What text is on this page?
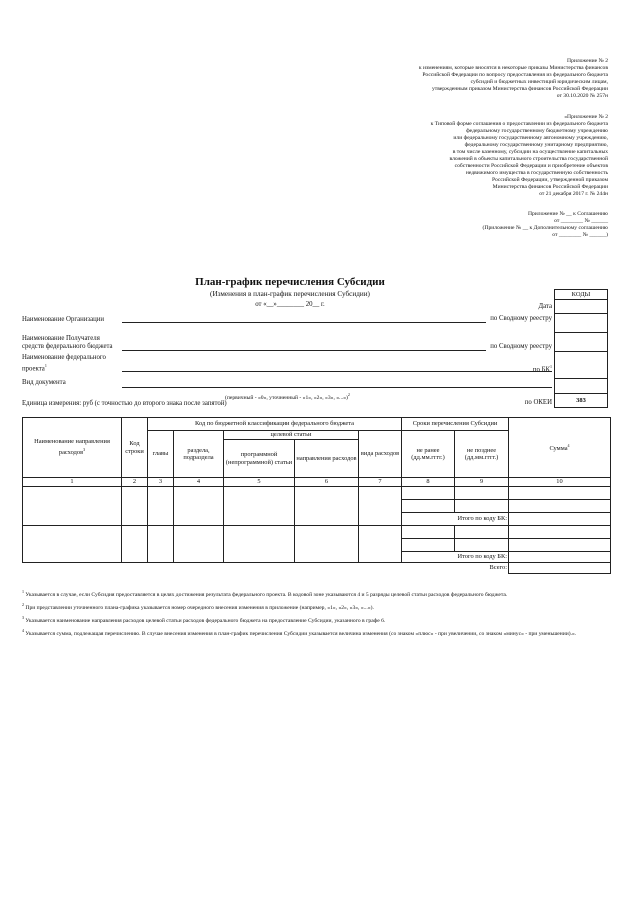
Приложение № 2
к изменениям, которые вносятся в некоторые приказы Министерства финансов
Российской Федерации по вопросу предоставления из федерального бюджета
субсидий и бюджетных инвестиций юридическим лицам,
утвержденным приказом Министерства финансов Российской Федерации
от 30.10.2020 № 257н
«Приложение № 2
к Типовой форме соглашения о предоставлении из федерального бюджета
федеральному государственному бюджетному учреждению
или федеральному государственному автономному учреждению,
федеральному государственному унитарному предприятию,
в том числе казенному, субсидии на осуществление капитальных
вложений в объекты капитального строительства государственной
собственности Российской Федерации и приобретение объектов
недвижимого имущества в государственную собственность
Российской Федерации, утвержденной приказом
Министерства финансов Российской Федерации
от 21 декабря 2017 г. № 244н
Приложение № __ к Соглашению
от ________ № ______
(Приложение № __ к Дополнительному соглашению
от ________ № ______)
План-график перечисления Субсидии
(Изменения в план-график перечисления Субсидии)
от «__»________ 20__ г.
КОДЫ

383
Дата
по Сводному реестру
по Сводному реестру
по $БК^1$
по ОКЕИ
Наименование Организации
Наименование Получателя средств федерального бюджета
Наименование федерального проекта$^1$
Вид документа
(первичный - «0», уточненный - «1», «2», «3», «...»)$^2$
Единица измерения: руб (с точностью до второго знака после запятой)
Наименование направления расходов$^3$	Код строки	Код по бюджетной классификации федерального бюджета					Сроки перечисления Субсидии		Сумма$^4$
		главы	раздела, подраздела	целевой статьи		вида расходов	не ранее (дд.мм.гггг.)	не позднее (дд.мм.гггг.)	
				программной (непрограммной) статьи	направления расходов				
1	2	3	4	5	6	7	8	9	10

							Итого по коду БК:		

							Итого по коду БК:		
Всего:									
$^1$ Указывается в случае, если Субсидия предоставляется в целях достижения результата федерального проекта. В кодовой зоне указываются 4 и 5 разряды целевой статьи расходов федерального бюджета.
$^2$ При представлении уточненного плана-графика указывается номер очередного внесения изменения в приложение (например, «1», «2», «3», «...»).
$^3$ Указывается наименование направления расходов целевой статьи расходов федерального бюджета на предоставление Субсидии, указанного в графе 6.
$^4$ Указывается сумма, подлежащая перечислению. В случае внесения изменения в план-график перечисления Субсидии указывается величина изменения (со знаком «плюс» - при увеличении, со знаком «минус» - при уменьшении).».
